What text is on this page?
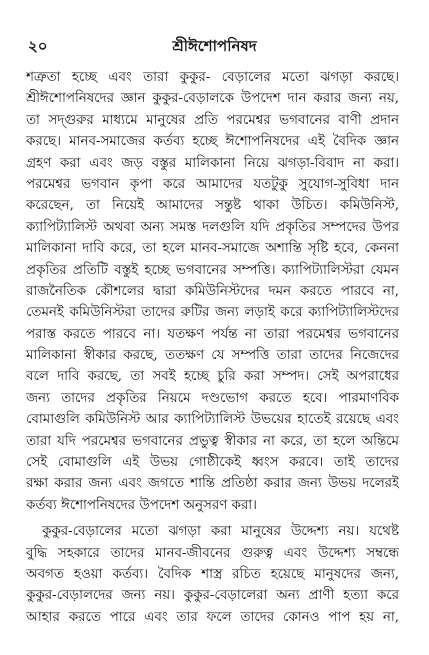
২০	শ্রীঈশোপনিষদ
শত্রুতা হচ্ছে এবং তারা কুকুর- বেড়ালের মতো ঝগড়া করছে।
শ্রীঈশোপনিষদের জ্ঞান কুকুর-বেড়ালকে উপদেশ দান করার জন্য নয়,
তা সদ্গুরুর মাধ্যমে মানুষের প্রতি পরমেশ্বর ভগবানের বাণী প্রদান
করছে। মানব-সমাজের কর্তব্য হচ্ছে ঈশোপনিষদের এই বৈদিক জ্ঞান
গ্রহণ করা এবং জড় বস্তুর মালিকানা নিয়ে ঝগড়া-বিবাদ না করা।
পরমেশ্বর ভগবান কৃপা করে আমাদের যতটুকু সুযোগ-সুবিধা দান
করেছেন, তা নিয়েই আমাদের সন্তুষ্ট থাকা উচিত। কমিউনিস্ট,
ক্যাপিট্যালিস্ট অথবা অন্য সমস্ত দলগুলি যদি প্রকৃতির সম্পদের উপর
মালিকানা দাবি করে, তা হলে মানব-সমাজে অশান্তি সৃষ্টি হবে, কেননা
প্রকৃতির প্রতিটি বস্তুই হচ্ছে ভগবানের সম্পত্তি। ক্যাপিট্যালিস্টরা যেমন
রাজনৈতিক কৌশলের দ্বারা কমিউনিস্টদের দমন করতে পারবে না,
তেমনই কমিউনিস্টরা তাদের রুটির জন্য লড়াই করে ক্যাপিট্যালিস্টদের
পরাস্ত করতে পারবে না। যতক্ষণ পর্যন্ত না তারা পরমেশ্বর ভগবানের
মালিকানা স্বীকার করছে, ততক্ষণ যে সম্পত্তি তারা তাদের নিজেদের
বলে দাবি করছে, তা সবই হচ্ছে চুরি করা সম্পদ। সেই অপরাধের
জন্য তাদের প্রকৃতির নিয়মে দণ্ডভোগ করতে হবে। পারমাণবিক
বোমাগুলি কমিউনিস্ট আর ক্যাপিট্যালিস্ট উভয়ের হাতেই রয়েছে এবং
তারা যদি পরমেশ্বর ভগবানের প্রভুত্ব স্বীকার না করে, তা হলে অন্তিমে
সেই বোমাগুলি এই উভয় গোষ্ঠীকেই ধ্বংস করবে। তাই তাদের
রক্ষা করার জন্য এবং জগতে শান্তি প্রতিষ্ঠা করার জন্য উভয় দলেরই
কর্তব্য ঈশোপনিষদের উপদেশ অনুসরণ করা।
কুকুর-বেড়ালের মতো ঝগড়া করা মানুষের উদ্দেশ্য নয়। যথেষ্ট
বুদ্ধি সহকারে তাদের মানব-জীবনের গুরুত্ব এবং উদ্দেশ্য সম্বন্ধে
অবগত হওয়া কর্তব্য। বৈদিক শাস্ত্র রচিত হয়েছে মানুষদের জন্য,
কুকুর-বেড়ালদের জন্য নয়। কুকুর-বেড়ালেরা অন্য প্রাণী হত্যা করে
আহার করতে পারে এবং তার ফলে তাদের কোনও পাপ হয় না,
